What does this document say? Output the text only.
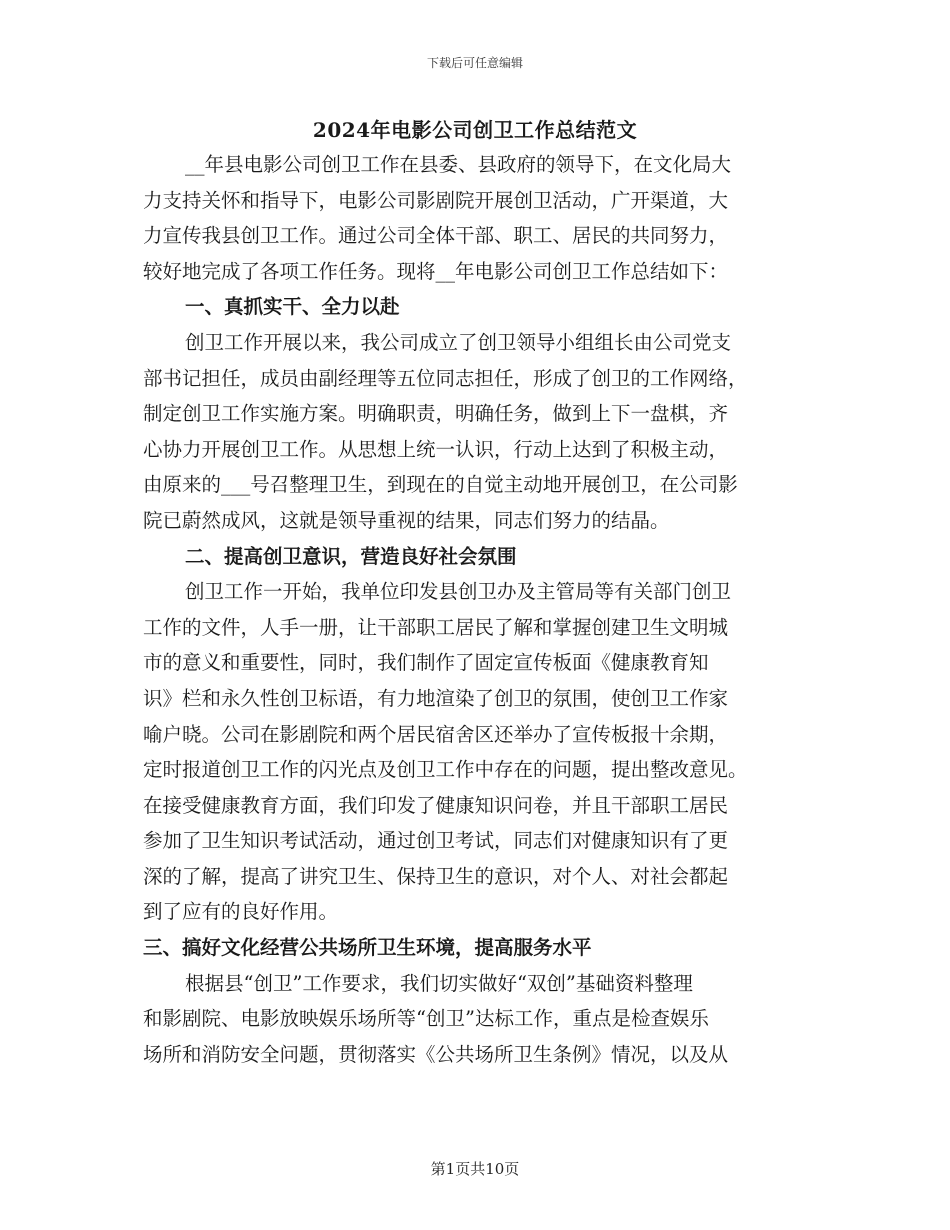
下载后可任意编辑
2024年电影公司创卫工作总结范文
__年县电影公司创卫工作在县委、县政府的领导下，在文化局大
力支持关怀和指导下，电影公司影剧院开展创卫活动，广开渠道，大
力宣传我县创卫工作。通过公司全体干部、职工、居民的共同努力，
较好地完成了各项工作任务。现将__年电影公司创卫工作总结如下：
一、真抓实干、全力以赴
创卫工作开展以来，我公司成立了创卫领导小组组长由公司党支
部书记担任，成员由副经理等五位同志担任，形成了创卫的工作网络，
制定创卫工作实施方案。明确职责，明确任务，做到上下一盘棋，齐
心协力开展创卫工作。从思想上统一认识，行动上达到了积极主动，
由原来的___号召整理卫生，到现在的自觉主动地开展创卫，在公司影
院已蔚然成风，这就是领导重视的结果，同志们努力的结晶。
二、提高创卫意识，营造良好社会氛围
创卫工作一开始，我单位印发县创卫办及主管局等有关部门创卫
工作的文件，人手一册，让干部职工居民了解和掌握创建卫生文明城
市的意义和重要性，同时，我们制作了固定宣传板面《健康教育知
识》栏和永久性创卫标语，有力地渲染了创卫的氛围，使创卫工作家
喻户晓。公司在影剧院和两个居民宿舍区还举办了宣传板报十余期，
定时报道创卫工作的闪光点及创卫工作中存在的问题，提出整改意见。
在接受健康教育方面，我们印发了健康知识问卷，并且干部职工居民
参加了卫生知识考试活动，通过创卫考试，同志们对健康知识有了更
深的了解，提高了讲究卫生、保持卫生的意识，对个人、对社会都起
到了应有的良好作用。
三、搞好文化经营公共场所卫生环境，提高服务水平
根据县“创卫”工作要求，我们切实做好“双创”基础资料整理
和影剧院、电影放映娱乐场所等“创卫”达标工作，重点是检查娱乐
场所和消防安全问题，贯彻落实《公共场所卫生条例》情况，以及从
第1页共10页
